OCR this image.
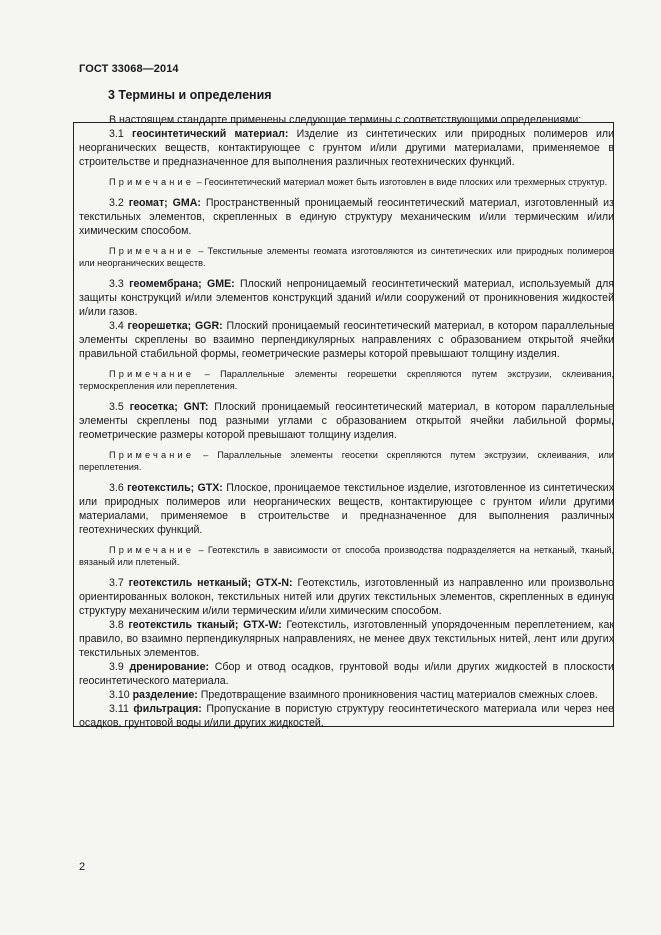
ГОСТ 33068—2014
3 Термины и определения

В настоящем стандарте применены следующие термины с соответствующими определениями:

3.1 геосинтетический материал: Изделие из синтетических или природных полимеров или неорганических веществ, контактирующее с грунтом и/или другими материалами, применяемое в строительстве и предназначенное для выполнения различных геотехнических функций.

Примечание – Геосинтетический материал может быть изготовлен в виде плоских или трехмерных структур.

3.2 геомат; GMA: Пространственный проницаемый геосинтетический материал, изготовленный из текстильных элементов, скрепленных в единую структуру механическим и/или термическим и/или химическим способом.

Примечание – Текстильные элементы геомата изготовляются из синтетических или природных полимеров или неорганических веществ.

3.3 геомембрана; GME: Плоский непроницаемый геосинтетический материал, используемый для защиты конструкций и/или элементов конструкций зданий и/или сооружений от проникновения жидкостей и/или газов.

3.4 георешетка; GGR: Плоский проницаемый геосинтетический материал, в котором параллельные элементы скреплены во взаимно перпендикулярных направлениях с образованием открытой ячейки правильной стабильной формы, геометрические размеры которой превышают толщину изделия.

Примечание – Параллельные элементы георешетки скрепляются путем экструзии, склеивания, термоскрепления или переплетения.

3.5 геосетка; GNT: Плоский проницаемый геосинтетический материал, в котором параллельные элементы скреплены под разными углами с образованием открытой ячейки лабильной формы, геометрические размеры которой превышают толщину изделия.

Примечание – Параллельные элементы геосетки скрепляются путем экструзии, склеивания, или переплетения.

3.6 геотекстиль; GTX: Плоское, проницаемое текстильное изделие, изготовленное из синтетических или природных полимеров или неорганических веществ, контактирующее с грунтом и/или другими материалами, применяемое в строительстве и предназначенное для выполнения различных геотехнических функций.

Примечание – Геотекстиль в зависимости от способа производства подразделяется на нетканый, тканый, вязаный или плетеный.

3.7 геотекстиль нетканый; GTX-N: Геотекстиль, изготовленный из направленно или произвольно ориентированных волокон, текстильных нитей или других текстильных элементов, скрепленных в единую структуру механическим и/или термическим и/или химическим способом.

3.8 геотекстиль тканый; GTX-W: Геотекстиль, изготовленный упорядоченным переплетением, как правило, во взаимно перпендикулярных направлениях, не менее двух текстильных нитей, лент или других текстильных элементов.

3.9 дренирование: Сбор и отвод осадков, грунтовой воды и/или других жидкостей в плоскости геосинтетического материала.

3.10 разделение: Предотвращение взаимного проникновения частиц материалов смежных слоев.

3.11 фильтрация: Пропускание в пористую структуру геосинтетического материала или через нее осадков, грунтовой воды и/или других жидкостей.

2
